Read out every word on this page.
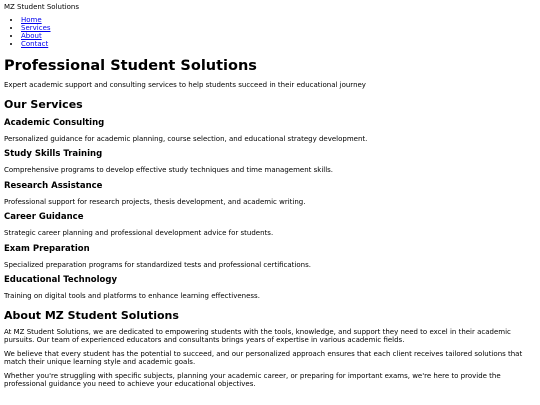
MZ Student Solutions
• Home
• Services
• About
• Contact
Professional Student Solutions

Expert academic support and consulting services to help students succeed in their educational journey

Our Services
Academic Consulting

Personalized guidance for academic planning, course selection, and educational strategy development.

Study Skills Training

Comprehensive programs to develop effective study techniques and time management skills.

Research Assistance

Professional support for research projects, thesis development, and academic writing.

Career Guidance

Strategic career planning and professional development advice for students.

Exam Preparation

Specialized preparation programs for standardized tests and professional certifications.

Educational Technology

Training on digital tools and platforms to enhance learning effectiveness.

About MZ Student Solutions

At MZ Student Solutions, we are dedicated to empowering students with the tools, knowledge, and support they need to excel in their academic pursuits. Our team of experienced educators and consultants brings years of expertise in various academic fields.

We believe that every student has the potential to succeed, and our personalized approach ensures that each client receives tailored solutions that match their unique learning style and academic goals.

Whether you're struggling with specific subjects, planning your academic career, or preparing for important exams, we're here to provide the professional guidance you need to achieve your educational objectives.
